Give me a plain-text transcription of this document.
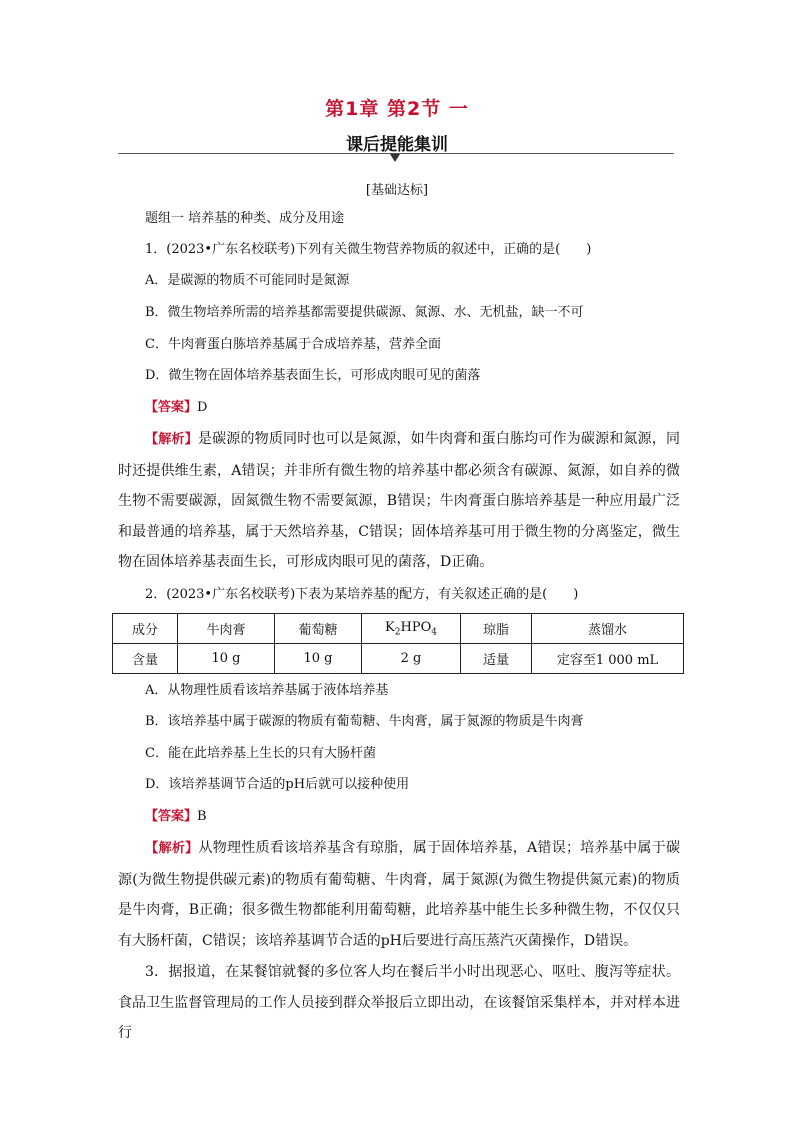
第1章 第2节 一
课后提能集训
[基础达标]
题组一 培养基的种类、成分及用途
1．(2023•广东名校联考)下列有关微生物营养物质的叙述中，正确的是(　　)
A．是碳源的物质不可能同时是氮源
B．微生物培养所需的培养基都需要提供碳源、氮源、水、无机盐，缺一不可
C．牛肉膏蛋白胨培养基属于合成培养基，营养全面
D．微生物在固体培养基表面生长，可形成肉眼可见的菌落
【答案】D
【解析】是碳源的物质同时也可以是氮源，如牛肉膏和蛋白胨均可作为碳源和氮源，同时还提供维生素，A错误；并非所有微生物的培养基中都必须含有碳源、氮源，如自养的微生物不需要碳源，固氮微生物不需要氮源，B错误；牛肉膏蛋白胨培养基是一种应用最广泛和最普通的培养基，属于天然培养基，C错误；固体培养基可用于微生物的分离鉴定，微生物在固体培养基表面生长，可形成肉眼可见的菌落，D正确。
2．(2023•广东名校联考)下表为某培养基的配方，有关叙述正确的是(　　)
成分	牛肉膏	葡萄糖	$K_2HPO_4$	琼脂	蒸馏水
含量	10 g	10 g	2 g	适量	定容至1 000 mL
A．从物理性质看该培养基属于液体培养基
B．该培养基中属于碳源的物质有葡萄糖、牛肉膏，属于氮源的物质是牛肉膏
C．能在此培养基上生长的只有大肠杆菌
D．该培养基调节合适的pH后就可以接种使用
【答案】B
【解析】从物理性质看该培养基含有琼脂，属于固体培养基，A错误；培养基中属于碳源(为微生物提供碳元素)的物质有葡萄糖、牛肉膏，属于氮源(为微生物提供氮元素)的物质是牛肉膏，B正确；很多微生物都能利用葡萄糖，此培养基中能生长多种微生物，不仅仅只有大肠杆菌，C错误；该培养基调节合适的pH后要进行高压蒸汽灭菌操作，D错误。
3．据报道，在某餐馆就餐的多位客人均在餐后半小时出现恶心、呕吐、腹泻等症状。食品卫生监督管理局的工作人员接到群众举报后立即出动，在该餐馆采集样本，并对样本进行
